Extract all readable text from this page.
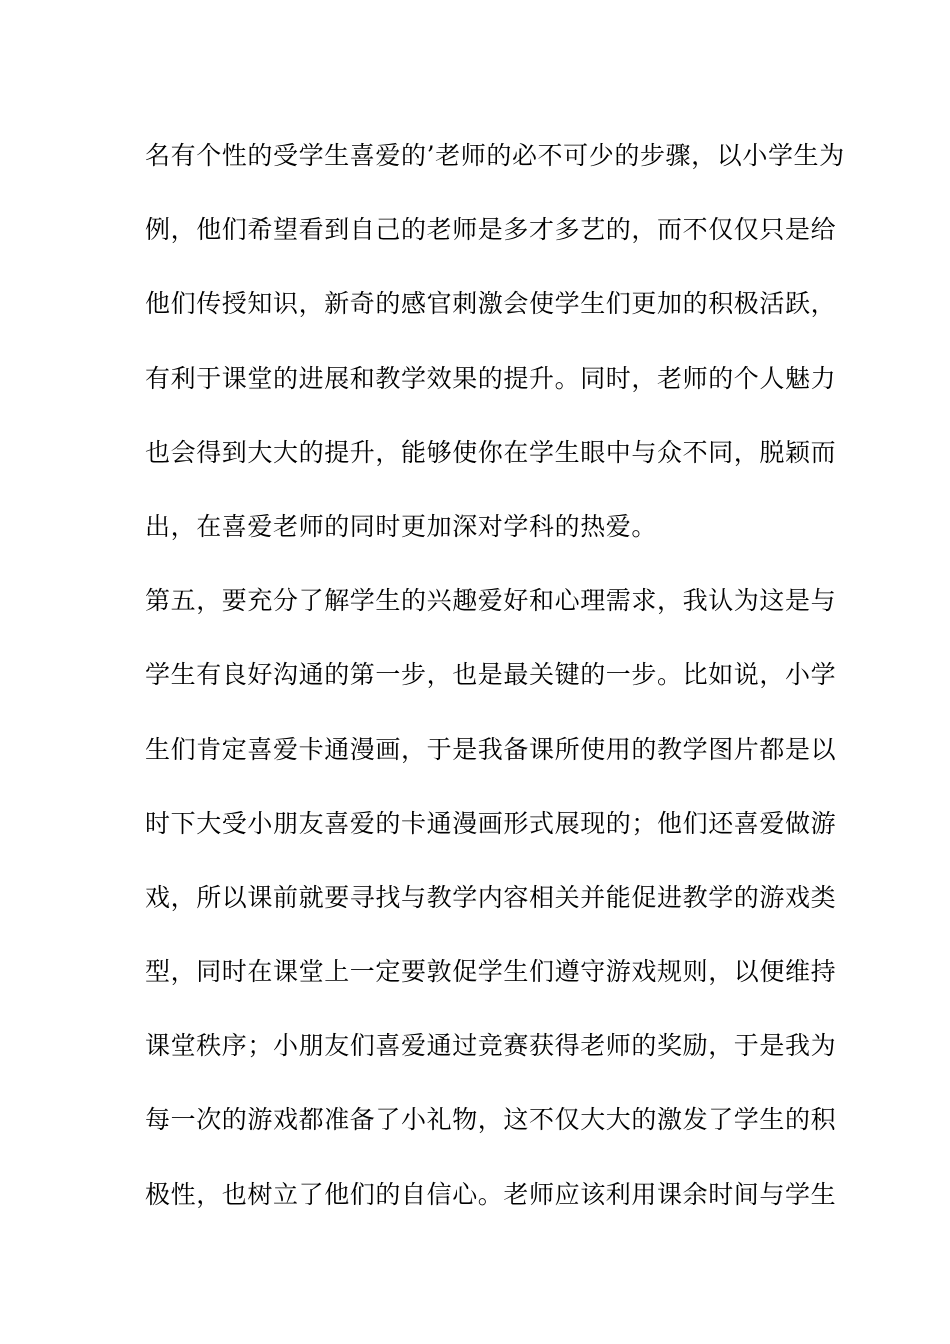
名有个性的受学生喜爱的’老师的必不可少的步骤，以小学生为
例，他们希望看到自己的老师是多才多艺的，而不仅仅只是给
他们传授知识，新奇的感官刺激会使学生们更加的积极活跃，
有利于课堂的进展和教学效果的提升。同时，老师的个人魅力
也会得到大大的提升，能够使你在学生眼中与众不同，脱颖而
出，在喜爱老师的同时更加深对学科的热爱。
第五，要充分了解学生的兴趣爱好和心理需求，我认为这是与
学生有良好沟通的第一步，也是最关键的一步。比如说，小学
生们肯定喜爱卡通漫画，于是我备课所使用的教学图片都是以
时下大受小朋友喜爱的卡通漫画形式展现的；他们还喜爱做游
戏，所以课前就要寻找与教学内容相关并能促进教学的游戏类
型，同时在课堂上一定要敦促学生们遵守游戏规则，以便维持
课堂秩序；小朋友们喜爱通过竞赛获得老师的奖励，于是我为
每一次的游戏都准备了小礼物，这不仅大大的激发了学生的积
极性，也树立了他们的自信心。老师应该利用课余时间与学生
